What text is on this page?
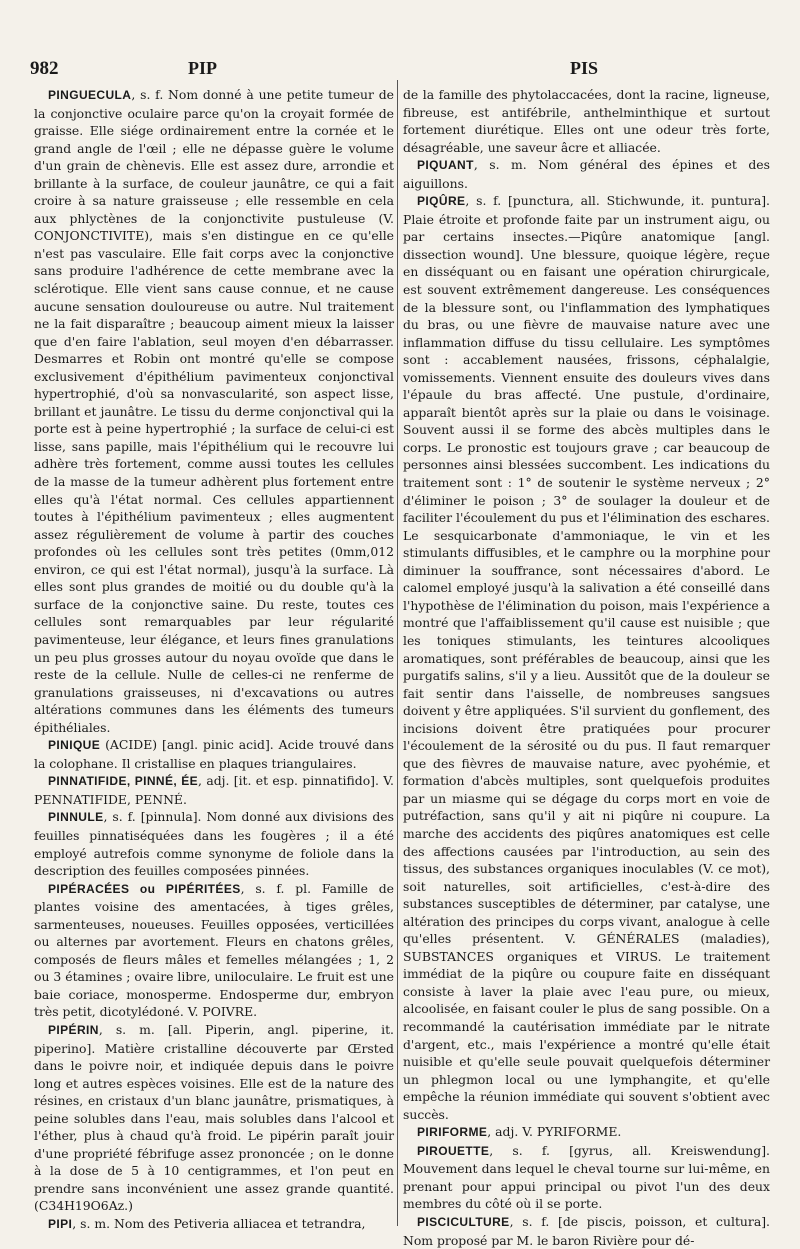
982	PIP	PIS

PINGUECULA, s. f. Nom donné à une petite tumeur de la conjonctive oculaire parce qu'on la croyait formée de graisse. Elle siége ordinairement entre la cornée et le grand angle de l'œil ; elle ne dépasse guère le volume d'un grain de chènevis. Elle est assez dure, arrondie et brillante à la surface, de couleur jaunâtre, ce qui a fait croire à sa nature graisseuse ; elle ressemble en cela aux phlyctènes de la conjonctivite pustuleuse (V. CONJONCTIVITE), mais s'en distingue en ce qu'elle n'est pas vasculaire. Elle fait corps avec la conjonctive sans produire l'adhérence de cette membrane avec la sclérotique. Elle vient sans cause connue, et ne cause aucune sensation douloureuse ou autre. Nul traitement ne la fait disparaître ; beaucoup aiment mieux la laisser que d'en faire l'ablation, seul moyen d'en débarrasser. Desmarres et Robin ont montré qu'elle se compose exclusivement d'épithélium pavimenteux conjonctival hypertrophié, d'où sa nonvascularité, son aspect lisse, brillant et jaunâtre. Le tissu du derme conjonctival qui la porte est à peine hypertrophié ; la surface de celui-ci est lisse, sans papille, mais l'épithélium qui le recouvre lui adhère très fortement, comme aussi toutes les cellules de la masse de la tumeur adhèrent plus fortement entre elles qu'à l'état normal. Ces cellules appartiennent toutes à l'épithélium pavimenteux ; elles augmentent assez régulièrement de volume à partir des couches profondes où les cellules sont très petites (0mm,012 environ, ce qui est l'état normal), jusqu'à la surface. Là elles sont plus grandes de moitié ou du double qu'à la surface de la conjonctive saine. Du reste, toutes ces cellules sont remarquables par leur régularité pavimenteuse, leur élégance, et leurs fines granulations un peu plus grosses autour du noyau ovoïde que dans le reste de la cellule. Nulle de celles-ci ne renferme de granulations graisseuses, ni d'excavations ou autres altérations communes dans les éléments des tumeurs épithéliales.

PINIQUE (ACIDE) [angl. pinic acid]. Acide trouvé dans la colophane. Il cristallise en plaques triangulaires.

PINNATIFIDE, PINNÉ, ÉE, adj. [it. et esp. pinnatifido]. V. PENNATIFIDE, PENNÉ.

PINNULE, s. f. [pinnula]. Nom donné aux divisions des feuilles pinnatiséquées dans les fougères ; il a été employé autrefois comme synonyme de foliole dans la description des feuilles composées pinnées.

PIPÉRACÉES ou PIPÉRITÉES, s. f. pl. Famille de plantes voisine des amentacées, à tiges grêles, sarmenteuses, noueuses. Feuilles opposées, verticillées ou alternes par avortement. Fleurs en chatons grêles, composés de fleurs mâles et femelles mélangées ; 1, 2 ou 3 étamines ; ovaire libre, uniloculaire. Le fruit est une baie coriace, monosperme. Endosperme dur, embryon très petit, dicotylédoné. V. POIVRE.

PIPÉRIN, s. m. [all. Piperin, angl. piperine, it. piperino]. Matière cristalline découverte par Œrsted dans le poivre noir, et indiquée depuis dans le poivre long et autres espèces voisines. Elle est de la nature des résines, en cristaux d'un blanc jaunâtre, prismatiques, à peine solubles dans l'eau, mais solubles dans l'alcool et l'éther, plus à chaud qu'à froid. Le pipérin paraît jouir d'une propriété fébrifuge assez prononcée ; on le donne à la dose de 5 à 10 centigrammes, et l'on peut en prendre sans inconvénient une assez grande quantité. (C34H19O6Az.)

PIPI, s. m. Nom des Petiveria alliacea et tetrandra,

de la famille des phytolaccacées, dont la racine, ligneuse, fibreuse, est antifébrile, anthelminthique et surtout fortement diurétique. Elles ont une odeur très forte, désagréable, une saveur âcre et alliacée.

PIQUANT, s. m. Nom général des épines et des aiguillons.

PIQÛRE, s. f. [punctura, all. Stichwunde, it. puntura]. Plaie étroite et profonde faite par un instrument aigu, ou par certains insectes.—Piqûre anatomique [angl. dissection wound]. Une blessure, quoique légère, reçue en disséquant ou en faisant une opération chirurgicale, est souvent extrêmement dangereuse. Les conséquences de la blessure sont, ou l'inflammation des lymphatiques du bras, ou une fièvre de mauvaise nature avec une inflammation diffuse du tissu cellulaire. Les symptômes sont : accablement nausées, frissons, céphalalgie, vomissements. Viennent ensuite des douleurs vives dans l'épaule du bras affecté. Une pustule, d'ordinaire, apparaît bientôt après sur la plaie ou dans le voisinage. Souvent aussi il se forme des abcès multiples dans le corps. Le pronostic est toujours grave ; car beaucoup de personnes ainsi blessées succombent. Les indications du traitement sont : 1° de soutenir le système nerveux ; 2° d'éliminer le poison ; 3° de soulager la douleur et de faciliter l'écoulement du pus et l'élimination des eschares. Le sesquicarbonate d'ammoniaque, le vin et les stimulants diffusibles, et le camphre ou la morphine pour diminuer la souffrance, sont nécessaires d'abord. Le calomel employé jusqu'à la salivation a été conseillé dans l'hypothèse de l'élimination du poison, mais l'expérience a montré que l'affaiblissement qu'il cause est nuisible ; que les toniques stimulants, les teintures alcooliques aromatiques, sont préférables de beaucoup, ainsi que les purgatifs salins, s'il y a lieu. Aussitôt que de la douleur se fait sentir dans l'aisselle, de nombreuses sangsues doivent y être appliquées. S'il survient du gonflement, des incisions doivent être pratiquées pour procurer l'écoulement de la sérosité ou du pus. Il faut remarquer que des fièvres de mauvaise nature, avec pyohémie, et formation d'abcès multiples, sont quelquefois produites par un miasme qui se dégage du corps mort en voie de putréfaction, sans qu'il y ait ni piqûre ni coupure. La marche des accidents des piqûres anatomiques est celle des affections causées par l'introduction, au sein des tissus, des substances organiques inoculables (V. ce mot), soit naturelles, soit artificielles, c'est-à-dire des substances susceptibles de déterminer, par catalyse, une altération des principes du corps vivant, analogue à celle qu'elles présentent. V. GÉNÉRALES (maladies), SUBSTANCES organiques et VIRUS. Le traitement immédiat de la piqûre ou coupure faite en disséquant consiste à laver la plaie avec l'eau pure, ou mieux, alcoolisée, en faisant couler le plus de sang possible. On a recommandé la cautérisation immédiate par le nitrate d'argent, etc., mais l'expérience a montré qu'elle était nuisible et qu'elle seule pouvait quelquefois déterminer un phlegmon local ou une lymphangite, et qu'elle empêche la réunion immédiate qui souvent s'obtient avec succès.

PIRIFORME, adj. V. PYRIFORME.

PIROUETTE, s. f. [gyrus, all. Kreiswendung]. Mouvement dans lequel le cheval tourne sur lui-même, en prenant pour appui principal ou pivot l'un des deux membres du côté où il se porte.

PISCICULTURE, s. f. [de piscis, poisson, et cultura]. Nom proposé par M. le baron Rivière pour dé-
